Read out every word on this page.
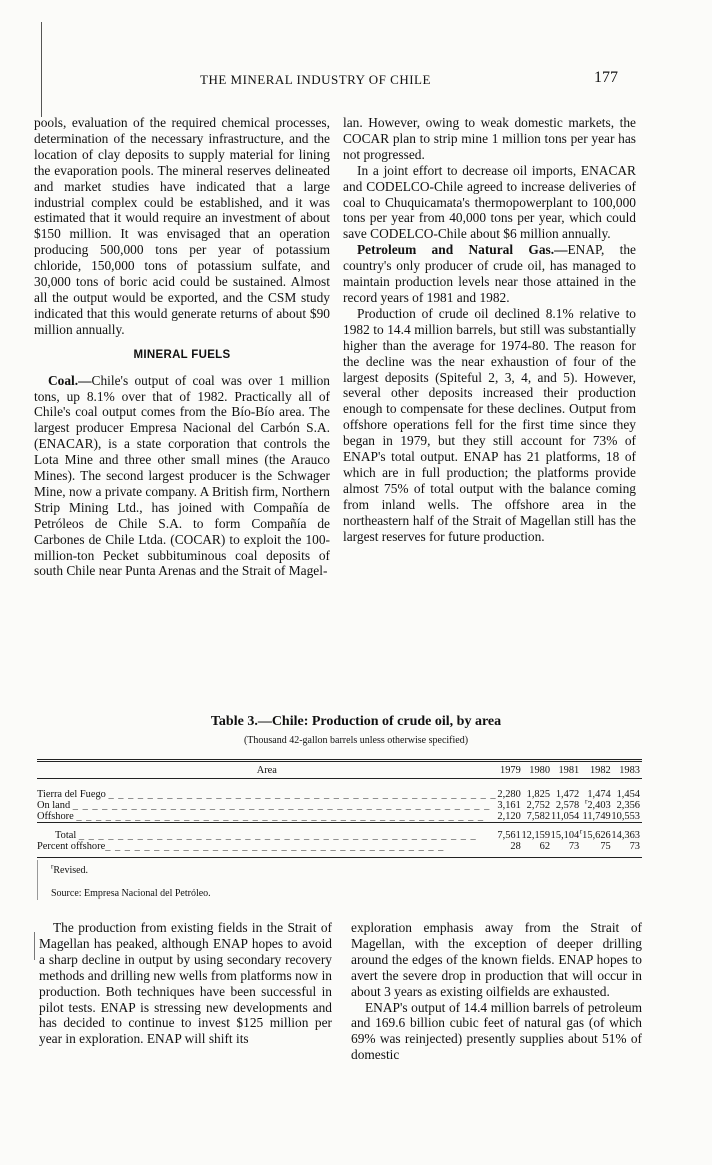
THE MINERAL INDUSTRY OF CHILE	177

pools, evaluation of the required chemical processes, determination of the necessary infrastructure, and the location of clay deposits to supply material for lining the evaporation pools. The mineral reserves delineated and market studies have indicated that a large industrial complex could be established, and it was estimated that it would require an investment of about $150 million. It was envisaged that an operation producing 500,000 tons per year of potassium chloride, 150,000 tons of potassium sulfate, and 30,000 tons of boric acid could be sustained. Almost all the output would be exported, and the CSM study indicated that this would generate returns of about $90 million annually.

MINERAL FUELS

Coal.—Chile's output of coal was over 1 million tons, up 8.1% over that of 1982. Practically all of Chile's coal output comes from the Bío-Bío area. The largest producer Empresa Nacional del Carbón S.A. (ENACAR), is a state corporation that controls the Lota Mine and three other small mines (the Arauco Mines). The second largest producer is the Schwager Mine, now a private company. A British firm, Northern Strip Mining Ltd., has joined with Compañía de Petróleos de Chile S.A. to form Compañía de Carbones de Chile Ltda. (COCAR) to exploit the 100-million-ton Pecket subbituminous coal deposits of south Chile near Punta Arenas and the Strait of Magel-

lan. However, owing to weak domestic markets, the COCAR plan to strip mine 1 million tons per year has not progressed.

In a joint effort to decrease oil imports, ENACAR and CODELCO-Chile agreed to increase deliveries of coal to Chuquicamata's thermopowerplant to 100,000 tons per year from 40,000 tons per year, which could save CODELCO-Chile about $6 million annually.

Petroleum and Natural Gas.—ENAP, the country's only producer of crude oil, has managed to maintain production levels near those attained in the record years of 1981 and 1982.

Production of crude oil declined 8.1% relative to 1982 to 14.4 million barrels, but still was substantially higher than the average for 1974-80. The reason for the decline was the near exhaustion of four of the largest deposits (Spiteful 2, 3, 4, and 5). However, several other deposits increased their production enough to compensate for these declines. Output from offshore operations fell for the first time since they began in 1979, but they still account for 73% of ENAP's total output. ENAP has 21 platforms, 18 of which are in full production; the platforms provide almost 75% of total output with the balance coming from inland wells. The offshore area in the northeastern half of the Strait of Magellan still has the largest reserves for future production.

Table 3.—Chile: Production of crude oil, by area
(Thousand 42-gallon barrels unless otherwise specified)
Area	1979	1980	1981	1982	1983

Tierra del Fuego _ _ _ _ _ _ _ _ _ _ _ _ _ _ _ _ _ _ _ _ _ _ _ _ _ _ _ _ _ _ _ _ _ _ _ _ _ _ _ _	2,280	1,825	1,472	1,474	1,454
On land _ _ _ _ _ _ _ _ _ _ _ _ _ _ _ _ _ _ _ _ _ _ _ _ _ _ _ _ _ _ _ _ _ _ _ _ _ _ _ _ _ _ _	3,161	2,752	2,578	$^r$2,403	2,356
Offshore _ _ _ _ _ _ _ _ _ _ _ _ _ _ _ _ _ _ _ _ _ _ _ _ _ _ _ _ _ _ _ _ _ _ _ _ _ _ _ _ _ _	2,120	7,582	11,054	11,749	10,553

Total _ _ _ _ _ _ _ _ _ _ _ _ _ _ _ _ _ _ _ _ _ _ _ _ _ _ _ _ _ _ _ _ _ _ _ _ _ _ _ _ _	7,561	12,159	15,104	$^r$15,626	14,363
Percent offshore_ _ _ _ _ _ _ _ _ _ _ _ _ _ _ _ _ _ _ _ _ _ _ _ _ _ _ _ _ _ _ _ _ _ _	28	62	73	75	73
$^r$Revised.
Source: Empresa Nacional del Petróleo.

The production from existing fields in the Strait of Magellan has peaked, although ENAP hopes to avoid a sharp decline in output by using secondary recovery methods and drilling new wells from platforms now in production. Both techniques have been successful in pilot tests. ENAP is stressing new developments and has decided to continue to invest $125 million per year in exploration. ENAP will shift its

exploration emphasis away from the Strait of Magellan, with the exception of deeper drilling around the edges of the known fields. ENAP hopes to avert the severe drop in production that will occur in about 3 years as existing oilfields are exhausted.

ENAP's output of 14.4 million barrels of petroleum and 169.6 billion cubic feet of natural gas (of which 69% was reinjected) presently supplies about 51% of domestic
